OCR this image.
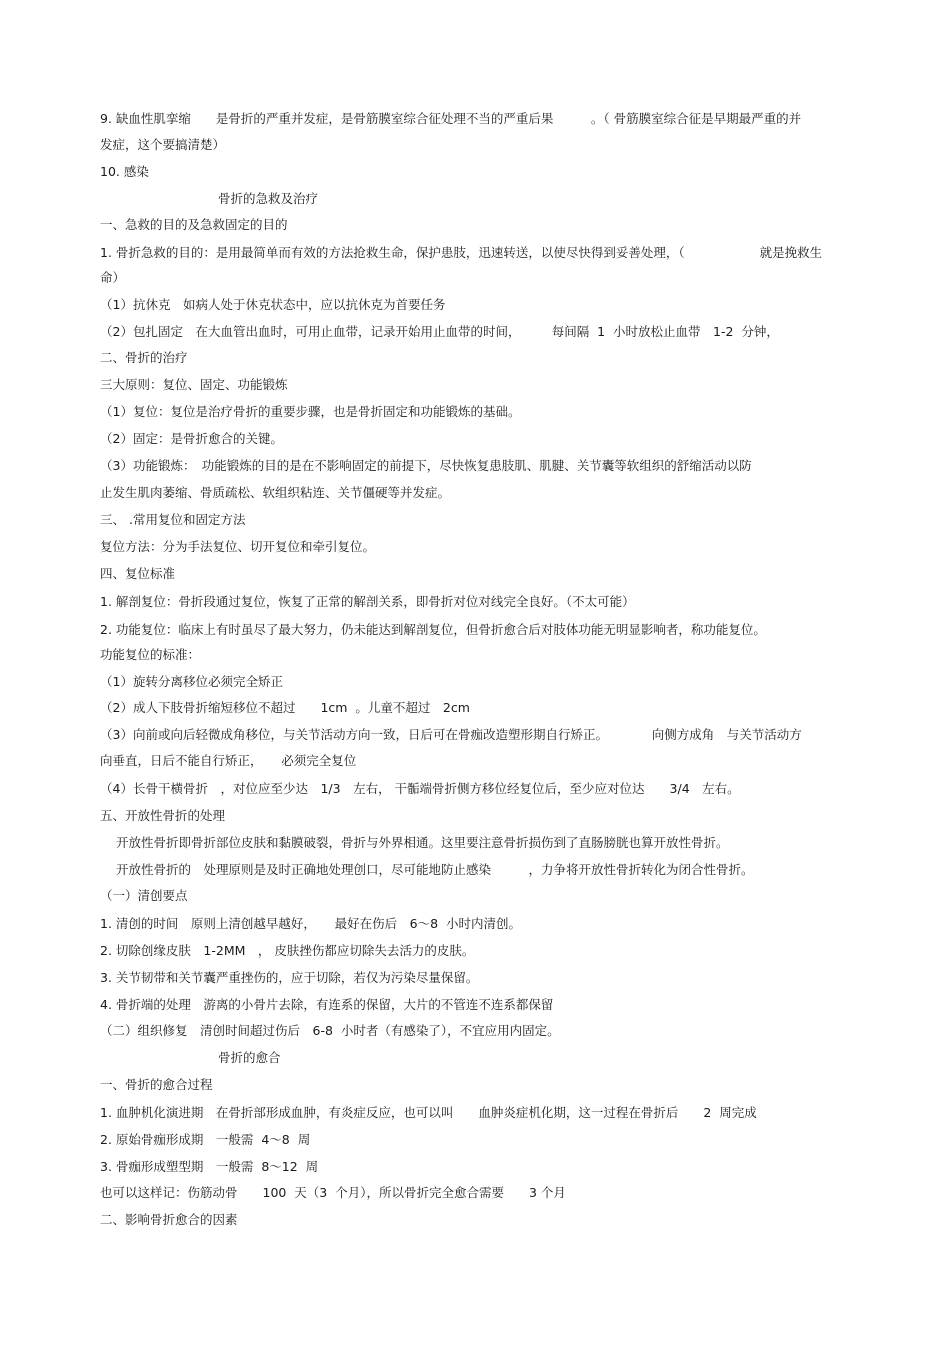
9. 缺血性肌挛缩　　是骨折的严重并发症，是骨筋膜室综合征处理不当的严重后果　　　。（ 骨筋膜室综合征是早期最严重的并

发症，这个要搞清楚）

10. 感染

骨折的急救及治疗

一、急救的目的及急救固定的目的

1. 骨折急救的目的：是用最简单而有效的方法抢救生命，保护患肢，迅速转送，以使尽快得到妥善处理，（　　　　　　就是挽救生

命）

（1）抗休克　如病人处于休克状态中，应以抗休克为首要任务

（2）包扎固定　在大血管出血时，可用止血带，记录开始用止血带的时间，　　　每间隔  1  小时放松止血带　1-2  分钟，

二、骨折的治疗

三大原则：复位、固定、功能锻炼

（1）复位：复位是治疗骨折的重要步骤，也是骨折固定和功能锻炼的基础。

（2）固定：是骨折愈合的关键。

（3）功能锻炼：　功能锻炼的目的是在不影响固定的前提下，尽快恢复患肢肌、肌腱、关节囊等软组织的舒缩活动以防

止发生肌肉萎缩、骨质疏松、软组织粘连、关节僵硬等并发症。

三、 .常用复位和固定方法

复位方法：分为手法复位、切开复位和牵引复位。

四、复位标准

1. 解剖复位：骨折段通过复位，恢复了正常的解剖关系，即骨折对位对线完全良好。（不太可能）

2. 功能复位：临床上有时虽尽了最大努力，仍未能达到解剖复位，但骨折愈合后对肢体功能无明显影响者，称功能复位。

功能复位的标准：

（1）旋转分离移位必须完全矫正

（2）成人下肢骨折缩短移位不超过　　1cm  。儿童不超过　2cm

（3）向前或向后轻微成角移位，与关节活动方向一致，日后可在骨痂改造塑形期自行矫正。　　　　向侧方成角　与关节活动方

向垂直，日后不能自行矫正，　　必须完全复位

（4）长骨干横骨折　，对位应至少达　1/3　左右， 干骺端骨折侧方移位经复位后，至少应对位达　　3/4　左右。

五、开放性骨折的处理

开放性骨折即骨折部位皮肤和黏膜破裂，骨折与外界相通。这里要注意骨折损伤到了直肠膀胱也算开放性骨折。

开放性骨折的　处理原则是及时正确地处理创口，尽可能地防止感染　　　，力争将开放性骨折转化为闭合性骨折。

（一）清创要点

1. 清创的时间　原则上清创越早越好，　　最好在伤后　6～8  小时内清创。

2. 切除创缘皮肤　1-2MM　， 皮肤挫伤都应切除失去活力的皮肤。

3. 关节韧带和关节囊严重挫伤的，应于切除，若仅为污染尽量保留。

4. 骨折端的处理　游离的小骨片去除，有连系的保留，大片的不管连不连系都保留

（二）组织修复　清创时间超过伤后　6-8  小时者（有感染了），不宜应用内固定。

骨折的愈合

一、骨折的愈合过程

1. 血肿机化演进期　在骨折部形成血肿，有炎症反应，也可以叫　　血肿炎症机化期，这一过程在骨折后　　2  周完成

2. 原始骨痂形成期　一般需  4～8  周

3. 骨痂形成塑型期　一般需  8～12  周

也可以这样记：伤筋动骨　　100  天（3  个月），所以骨折完全愈合需要　　3 个月

二、影响骨折愈合的因素
